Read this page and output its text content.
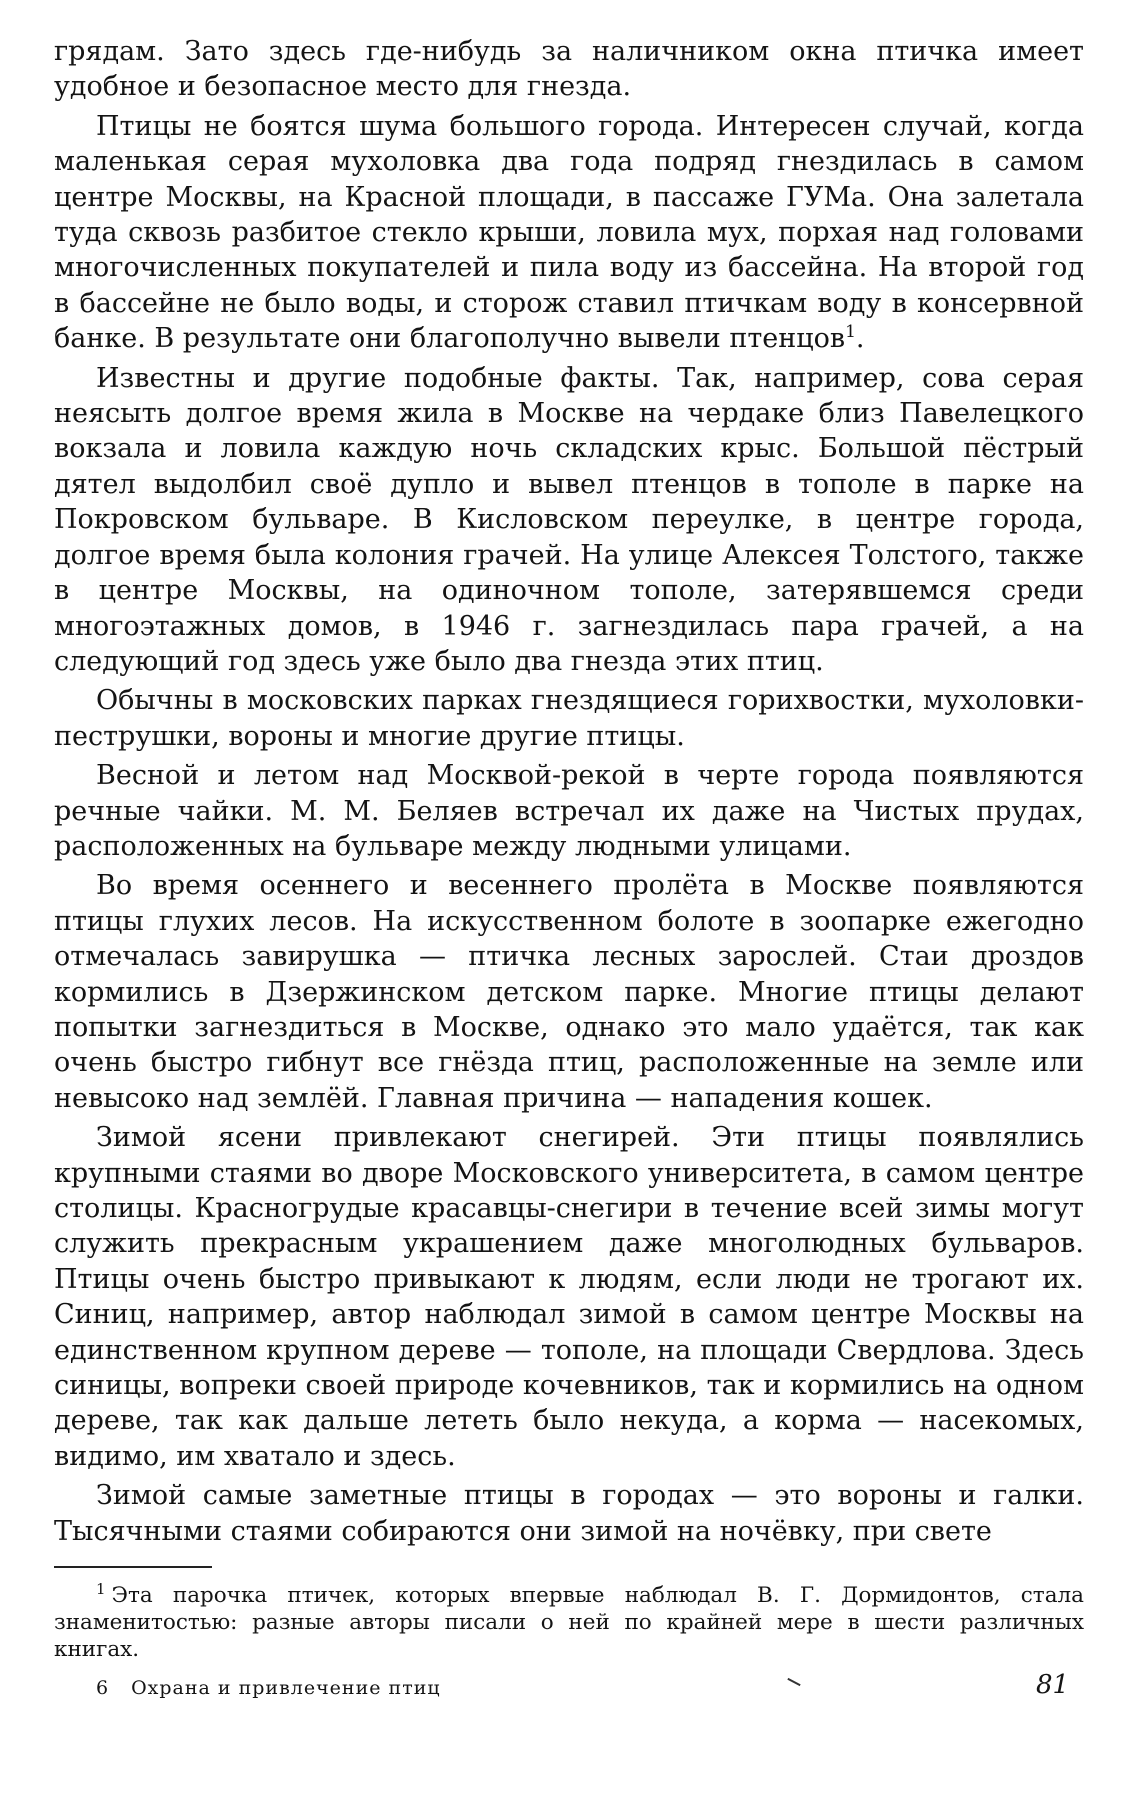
грядам. Зато здесь где-нибудь за наличником окна птичка имеет удобное и безопасное место для гнезда.

Птицы не боятся шума большого города. Интересен случай, когда маленькая серая мухоловка два года подряд гнездилась в самом центре Москвы, на Красной площади, в пассаже ГУМа. Она залетала туда сквозь разбитое стекло крыши, ловила мух, порхая над головами многочисленных покупателей и пила воду из бассейна. На второй год в бассейне не было воды, и сторож ставил птичкам воду в консервной банке. В результате они благополучно вывели птенцов$^1$.

Известны и другие подобные факты. Так, например, сова серая неясыть долгое время жила в Москве на чердаке близ Павелецкого вокзала и ловила каждую ночь складских крыс. Большой пёстрый дятел выдолбил своё дупло и вывел птенцов в тополе в парке на Покровском бульваре. В Кисловском переулке, в центре города, долгое время была колония грачей. На улице Алексея Толстого, также в центре Москвы, на одиночном тополе, затерявшемся среди многоэтажных домов, в 1946 г. загнездилась пара грачей, а на следующий год здесь уже было два гнезда этих птиц.

Обычны в московских парках гнездящиеся горихвостки, мухоловки-пеструшки, вороны и многие другие птицы.

Весной и летом над Москвой-рекой в черте города появляются речные чайки. М. М. Беляев встречал их даже на Чистых прудах, расположенных на бульваре между людными улицами.

Во время осеннего и весеннего пролёта в Москве появляются птицы глухих лесов. На искусственном болоте в зоопарке ежегодно отмечалась завирушка — птичка лесных зарослей. Стаи дроздов кормились в Дзержинском детском парке. Многие птицы делают попытки загнездиться в Москве, однако это мало удаётся, так как очень быстро гибнут все гнёзда птиц, расположенные на земле или невысоко над землёй. Главная причина — нападения кошек.

Зимой ясени привлекают снегирей. Эти птицы появлялись крупными стаями во дворе Московского университета, в самом центре столицы. Красногрудые красавцы-снегири в течение всей зимы могут служить прекрасным украшением даже многолюдных бульваров. Птицы очень быстро привыкают к людям, если люди не трогают их. Синиц, например, автор наблюдал зимой в самом центре Москвы на единственном крупном дереве — тополе, на площади Свердлова. Здесь синицы, вопреки своей природе кочевников, так и кормились на одном дереве, так как дальше лететь было некуда, а корма — насекомых, видимо, им хватало и здесь.

Зимой самые заметные птицы в городах — это вороны и галки. Тысячными стаями собираются они зимой на ночёвку, при свете

$^1$ Эта парочка птичек, которых впервые наблюдал В. Г. Дормидонтов, стала знаменитостью: разные авторы писали о ней по крайней мере в шести различных книгах.

6 Охрана и привлечение птиц	81
